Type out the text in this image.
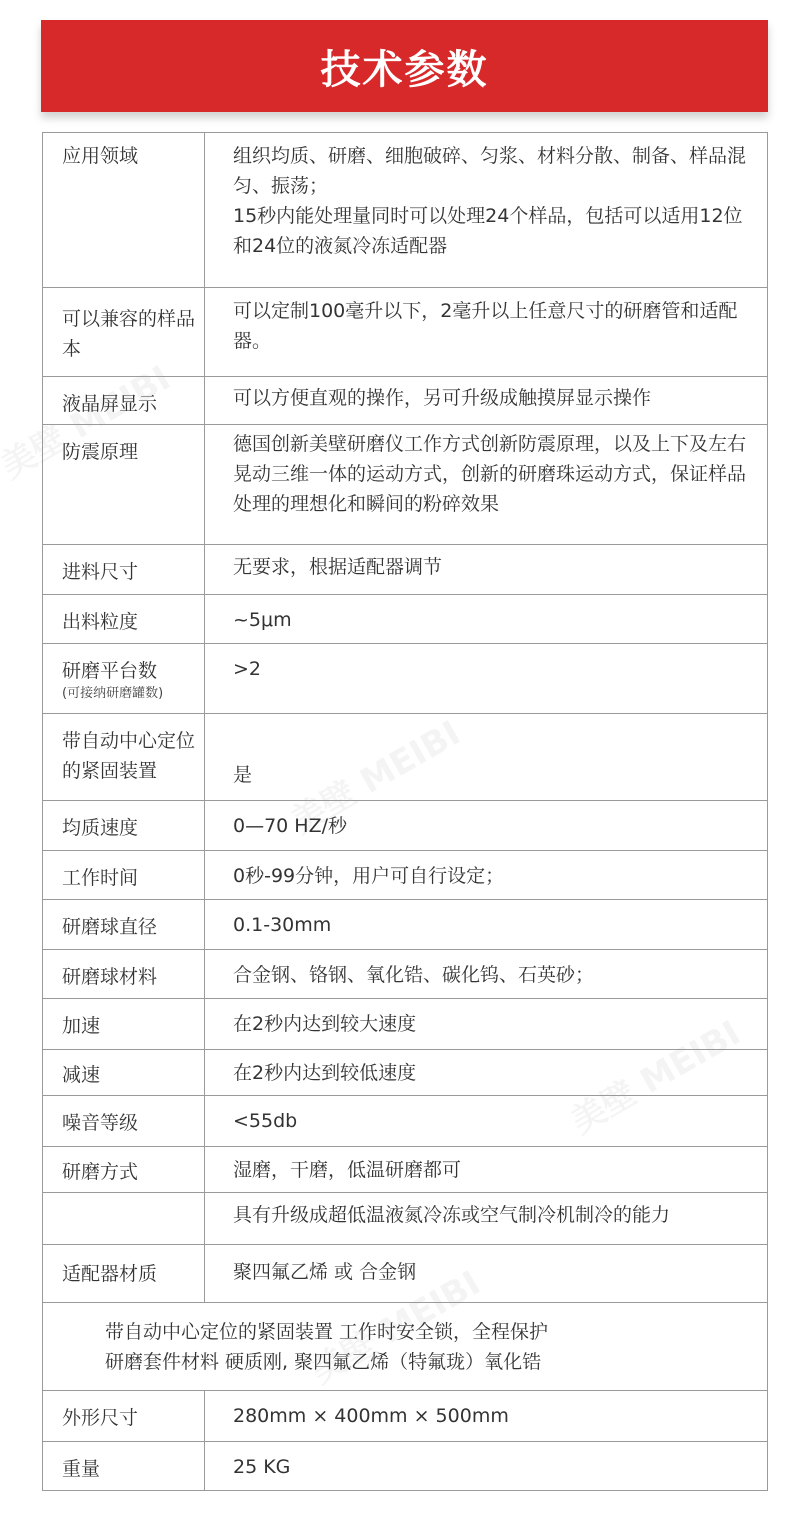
技术参数
应用领域	组织均质、研磨、细胞破碎、匀浆、材料分散、制备、样品混匀、振荡；
15秒内能处理量同时可以处理24个样品，包括可以适用12位和24位的液氮冷冻适配器

可以兼容的样品本	可以定制100毫升以下，2毫升以上任意尺寸的研磨管和适配器。

液晶屏显示	可以方便直观的操作，另可升级成触摸屏显示操作

防震原理	德国创新美壁研磨仪工作方式创新防震原理，以及上下及左右晃动三维一体的运动方式，创新的研磨珠运动方式，保证样品处理的理想化和瞬间的粉碎效果

进料尺寸	无要求，根据适配器调节

出料粒度	~5μm

研磨平台数
(可接纳研磨罐数)	>2

带自动中心定位的紧固装置	是

均质速度	0—70 HZ/秒

工作时间	0秒-99分钟，用户可自行设定；

研磨球直径	0.1-30mm

研磨球材料	合金钢、铬钢、氧化锆、碳化钨、石英砂；

加速	在2秒内达到较大速度

减速	在2秒内达到较低速度

噪音等级	<55db

研磨方式	湿磨，干磨，低温研磨都可

	具有升级成超低温液氮冷冻或空气制冷机制冷的能力

适配器材质	聚四氟乙烯 或 合金钢

带自动中心定位的紧固装置 工作时安全锁，全程保护
研磨套件材料 硬质刚, 聚四氟乙烯（特氟珑）氧化锆	

外形尺寸	280mm × 400mm × 500mm

重量	25 KG
